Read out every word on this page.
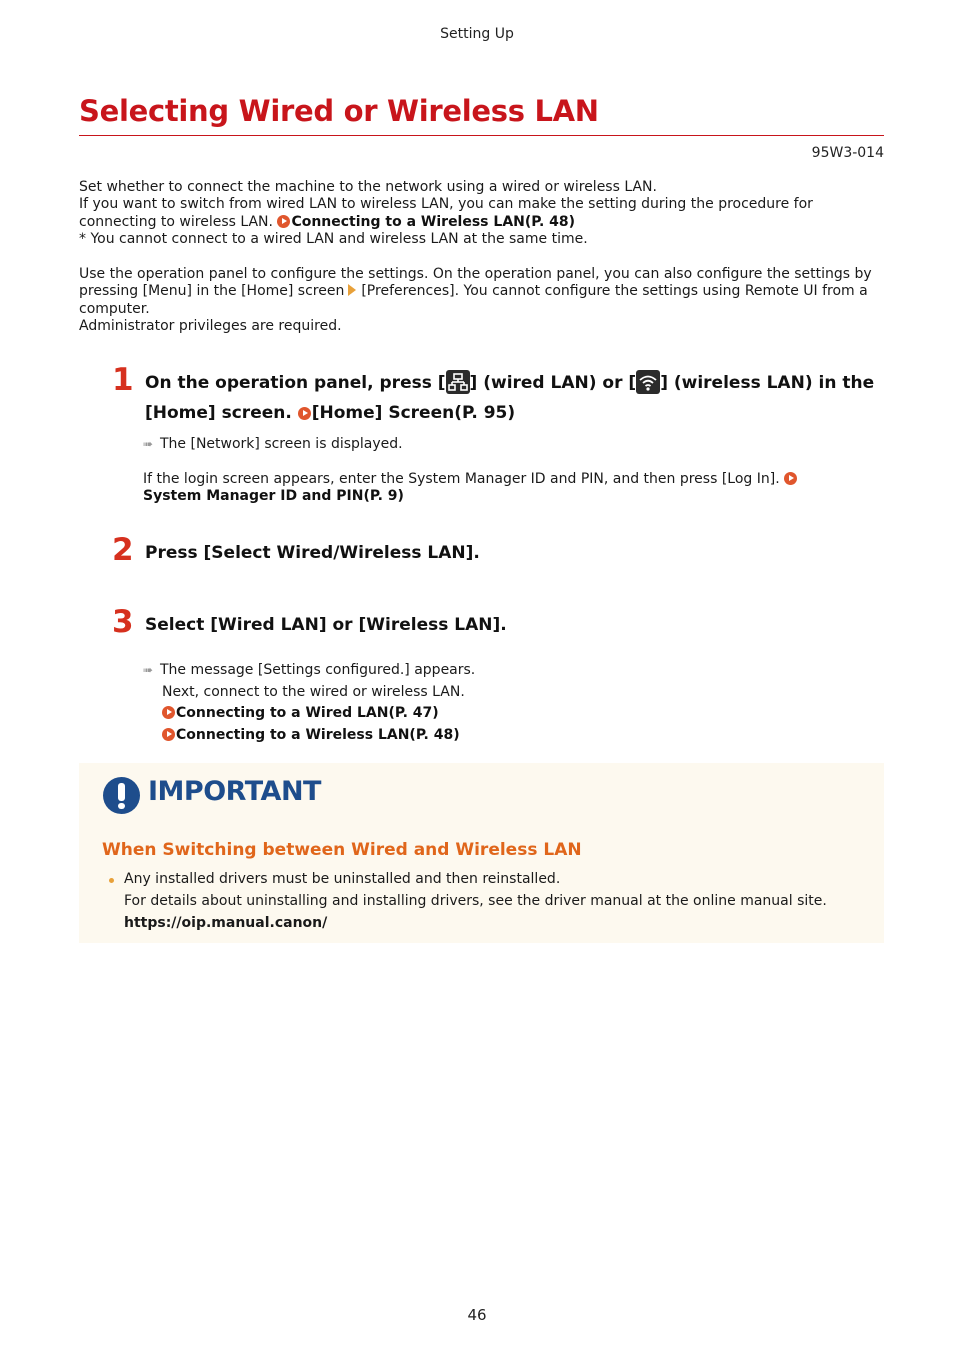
Setting Up
Selecting Wired or Wireless LAN
95W3-014
Set whether to connect the machine to the network using a wired or wireless LAN.
If you want to switch from wired LAN to wireless LAN, you can make the setting during the procedure for connecting to wireless LAN. Connecting to a Wireless LAN(P. 48)
* You cannot connect to a wired LAN and wireless LAN at the same time.
Use the operation panel to configure the settings. On the operation panel, you can also configure the settings by pressing [Menu] in the [Home] screen [Preferences]. You cannot configure the settings using Remote UI from a computer.
Administrator privileges are required.
1 On the operation panel, press [ ] (wired LAN) or [ ] (wireless LAN) in the [Home] screen. [Home] Screen(P. 95)
➠ The [Network] screen is displayed.
If the login screen appears, enter the System Manager ID and PIN, and then press [Log In]. System Manager ID and PIN(P. 9)
2 Press [Select Wired/Wireless LAN].
3 Select [Wired LAN] or [Wireless LAN].
➠ The message [Settings configured.] appears.
Next, connect to the wired or wireless LAN.
Connecting to a Wired LAN(P. 47)
Connecting to a Wireless LAN(P. 48)
IMPORTANT
When Switching between Wired and Wireless LAN
Any installed drivers must be uninstalled and then reinstalled.
For details about uninstalling and installing drivers, see the driver manual at the online manual site.
https://oip.manual.canon/
46
